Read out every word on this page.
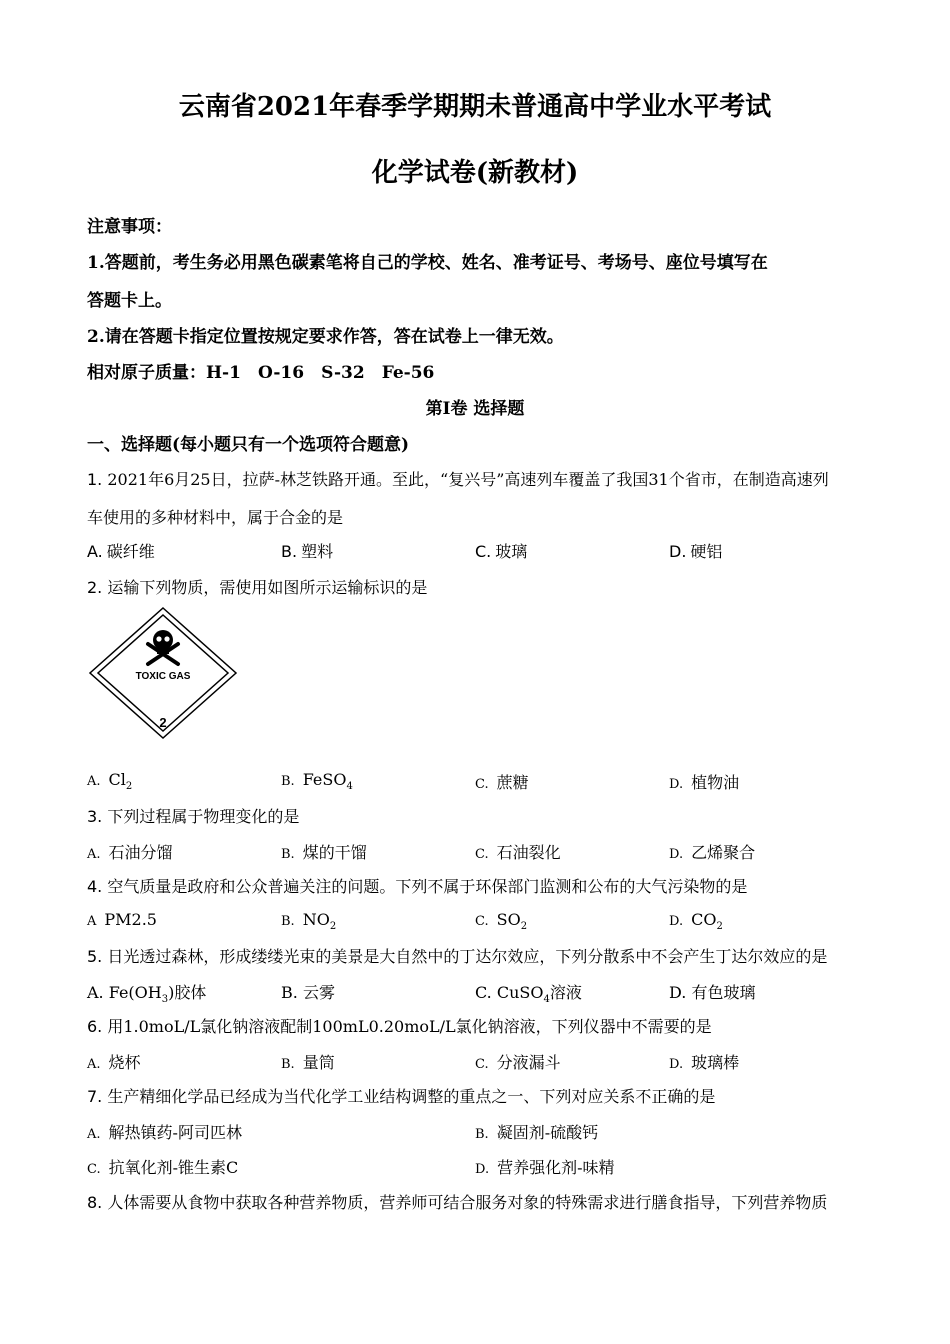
云南省2021年春季学期期未普通高中学业水平考试
化学试卷(新教材)
注意事项：
1.答题前，考生务必用黑色碳素笔将自己的学校、姓名、准考证号、考场号、座位号填写在
答题卡上。
2.请在答题卡指定位置按规定要求作答，答在试卷上一律无效。
相对原子质量：H-1　O-16　S-32　Fe-56
第Ⅰ卷 选择题
一、选择题(每小题只有一个选项符合题意)
1. 2021年6月25日，拉萨-林芝铁路开通。至此，“复兴号”高速列车覆盖了我国31个省市，在制造高速列
车使用的多种材料中，属于合金的是
A. 碳纤维	B. 塑料	C. 玻璃	D. 硬铝
2. 运输下列物质，需使用如图所示运输标识的是
TOXIC GAS
2
A. $Cl_2$	B. FeSO$_4$	C. 蔗糖	D. 植物油
3. 下列过程属于物理变化的是
A. 石油分馏	B. 煤的干馏	C. 石油裂化	D. 乙烯聚合
4. 空气质量是政府和公众普遍关注的问题。下列不属于环保部门监测和公布的大气污染物的是
A PM2.5	B. $NO_2$	C. $SO_2$	D. $CO_2$
5. 日光透过森林，形成缕缕光束的美景是大自然中的丁达尔效应，下列分散系中不会产生丁达尔效应的是
A. $Fe(OH_3)$胶体	B. 云雾	C. CuSO$_4$溶液	D. 有色玻璃
6. 用1.0moL/L氯化钠溶液配制100mL0.20moL/L氯化钠溶液，下列仪器中不需要的是
A. 烧杯	B. 量筒	C. 分液漏斗	D. 玻璃棒
7. 生产精细化学品已经成为当代化学工业结构调整的重点之一、下列对应关系不正确的是
A. 解热镇药-阿司匹林	B. 凝固剂-硫酸钙
C. 抗氧化剂-锥生素C	D. 营养强化剂-味精
8. 人体需要从食物中获取各种营养物质，营养师可结合服务对象的特殊需求进行膳食指导，下列营养物质
